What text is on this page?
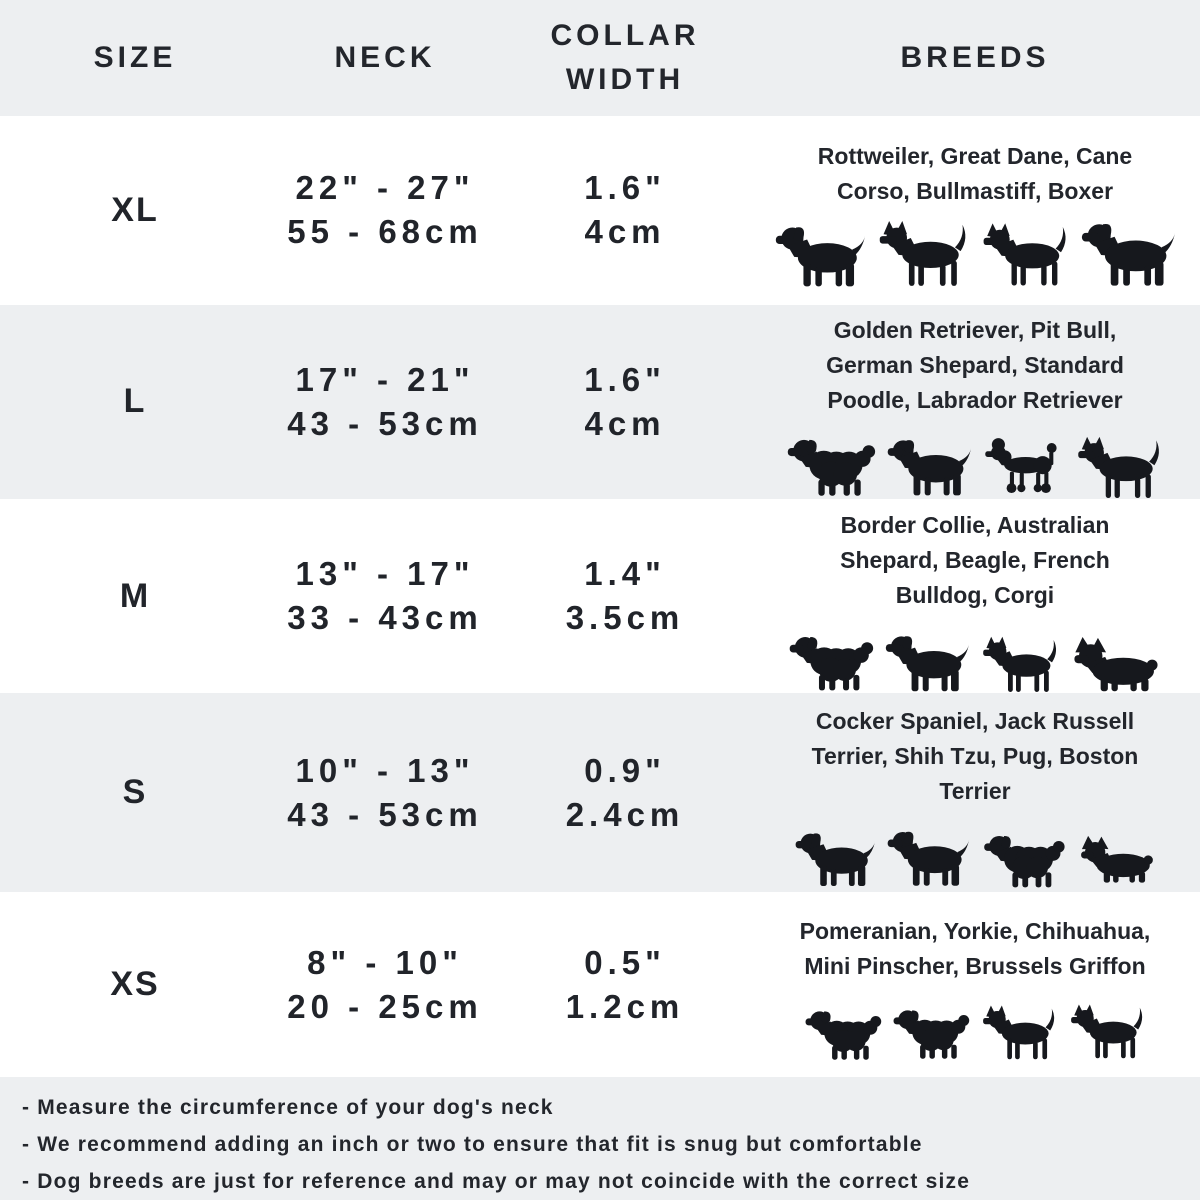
SIZE	NECK
COLLAR WIDTH
BREEDS
XL
22" - 27"
55 - 68cm
1.6"
4cm
Rottweiler, Great Dane, Cane Corso, Bullmastiff, Boxer
L
17" - 21"
43 - 53cm
1.6"
4cm
Golden Retriever, Pit Bull, German Shepard, Standard Poodle, Labrador Retriever
M
13" - 17"
33 - 43cm
1.4"
3.5cm
Border Collie, Australian Shepard, Beagle, French Bulldog, Corgi
S
10" - 13"
43 - 53cm
0.9"
2.4cm
Cocker Spaniel, Jack Russell Terrier, Shih Tzu, Pug, Boston Terrier
XS
8" - 10"
20 - 25cm
0.5"
1.2cm
Pomeranian, Yorkie, Chihuahua, Mini Pinscher, Brussels Griffon
- Measure the circumference of your dog's neck
- We recommend adding an inch or two to ensure that fit is snug but comfortable
- Dog breeds are just for reference and may or may not coincide with the correct size
